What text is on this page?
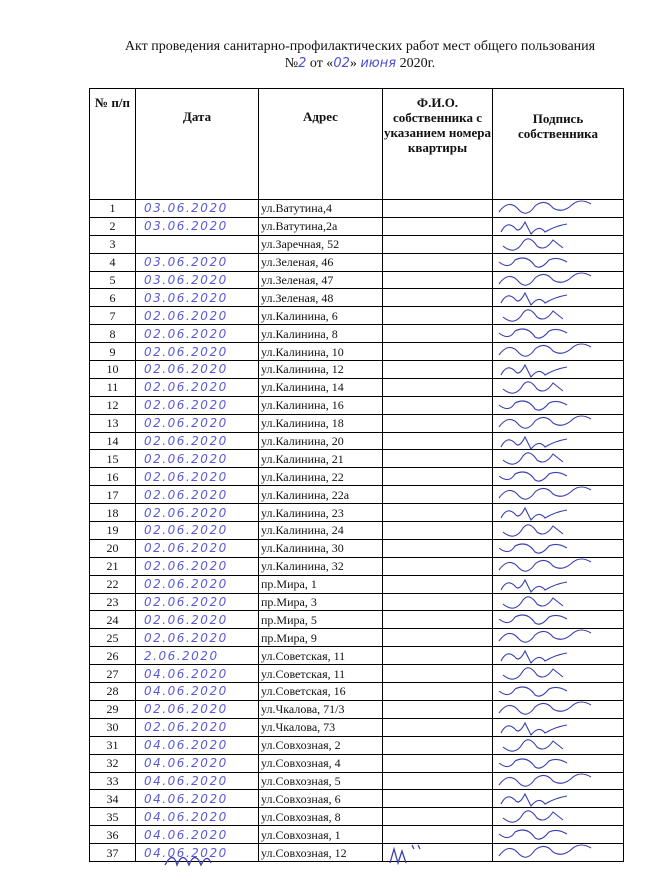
Акт проведения санитарно-профилактических работ мест общего пользования
№2 от «02» июня 2020г.
№ п/п	Дата	Адрес	Ф.И.О. собственника с указанием номера квартиры	Подпись собственника
1	03.06.2020	ул.Ватутина,4		

2	03.06.2020	ул.Ватутина,2а		

3		ул.Заречная, 52		

4	03.06.2020	ул.Зеленая, 46		

5	03.06.2020	ул.Зеленая, 47		

6	03.06.2020	ул.Зеленая, 48		

7	02.06.2020	ул.Калинина, 6		

8	02.06.2020	ул.Калинина, 8		

9	02.06.2020	ул.Калинина, 10		

10	02.06.2020	ул.Калинина, 12		

11	02.06.2020	ул.Калинина, 14		

12	02.06.2020	ул.Калинина, 16		

13	02.06.2020	ул.Калинина, 18		

14	02.06.2020	ул.Калинина, 20		

15	02.06.2020	ул.Калинина, 21		

16	02.06.2020	ул.Калинина, 22		

17	02.06.2020	ул.Калинина, 22а		

18	02.06.2020	ул.Калинина, 23		

19	02.06.2020	ул.Калинина, 24		

20	02.06.2020	ул.Калинина, 30		

21	02.06.2020	ул.Калинина, 32		

22	02.06.2020	пр.Мира, 1		

23	02.06.2020	пр.Мира, 3		

24	02.06.2020	пр.Мира, 5		

25	02.06.2020	пр.Мира, 9		

26	2.06.2020	ул.Советская, 11		

27	04.06.2020	ул.Советская, 11		

28	04.06.2020	ул.Советская, 16		

29	02.06.2020	ул.Чкалова, 71/3		

30	02.06.2020	ул.Чкалова, 73		

31	04.06.2020	ул.Совхозная, 2		

32	04.06.2020	ул.Совхозная, 4		

33	04.06.2020	ул.Совхозная, 5		

34	04.06.2020	ул.Совхозная, 6		

35	04.06.2020	ул.Совхозная, 8		

36	04.06.2020	ул.Совхозная, 1		

37	04.06.2020	ул.Совхозная, 12		
